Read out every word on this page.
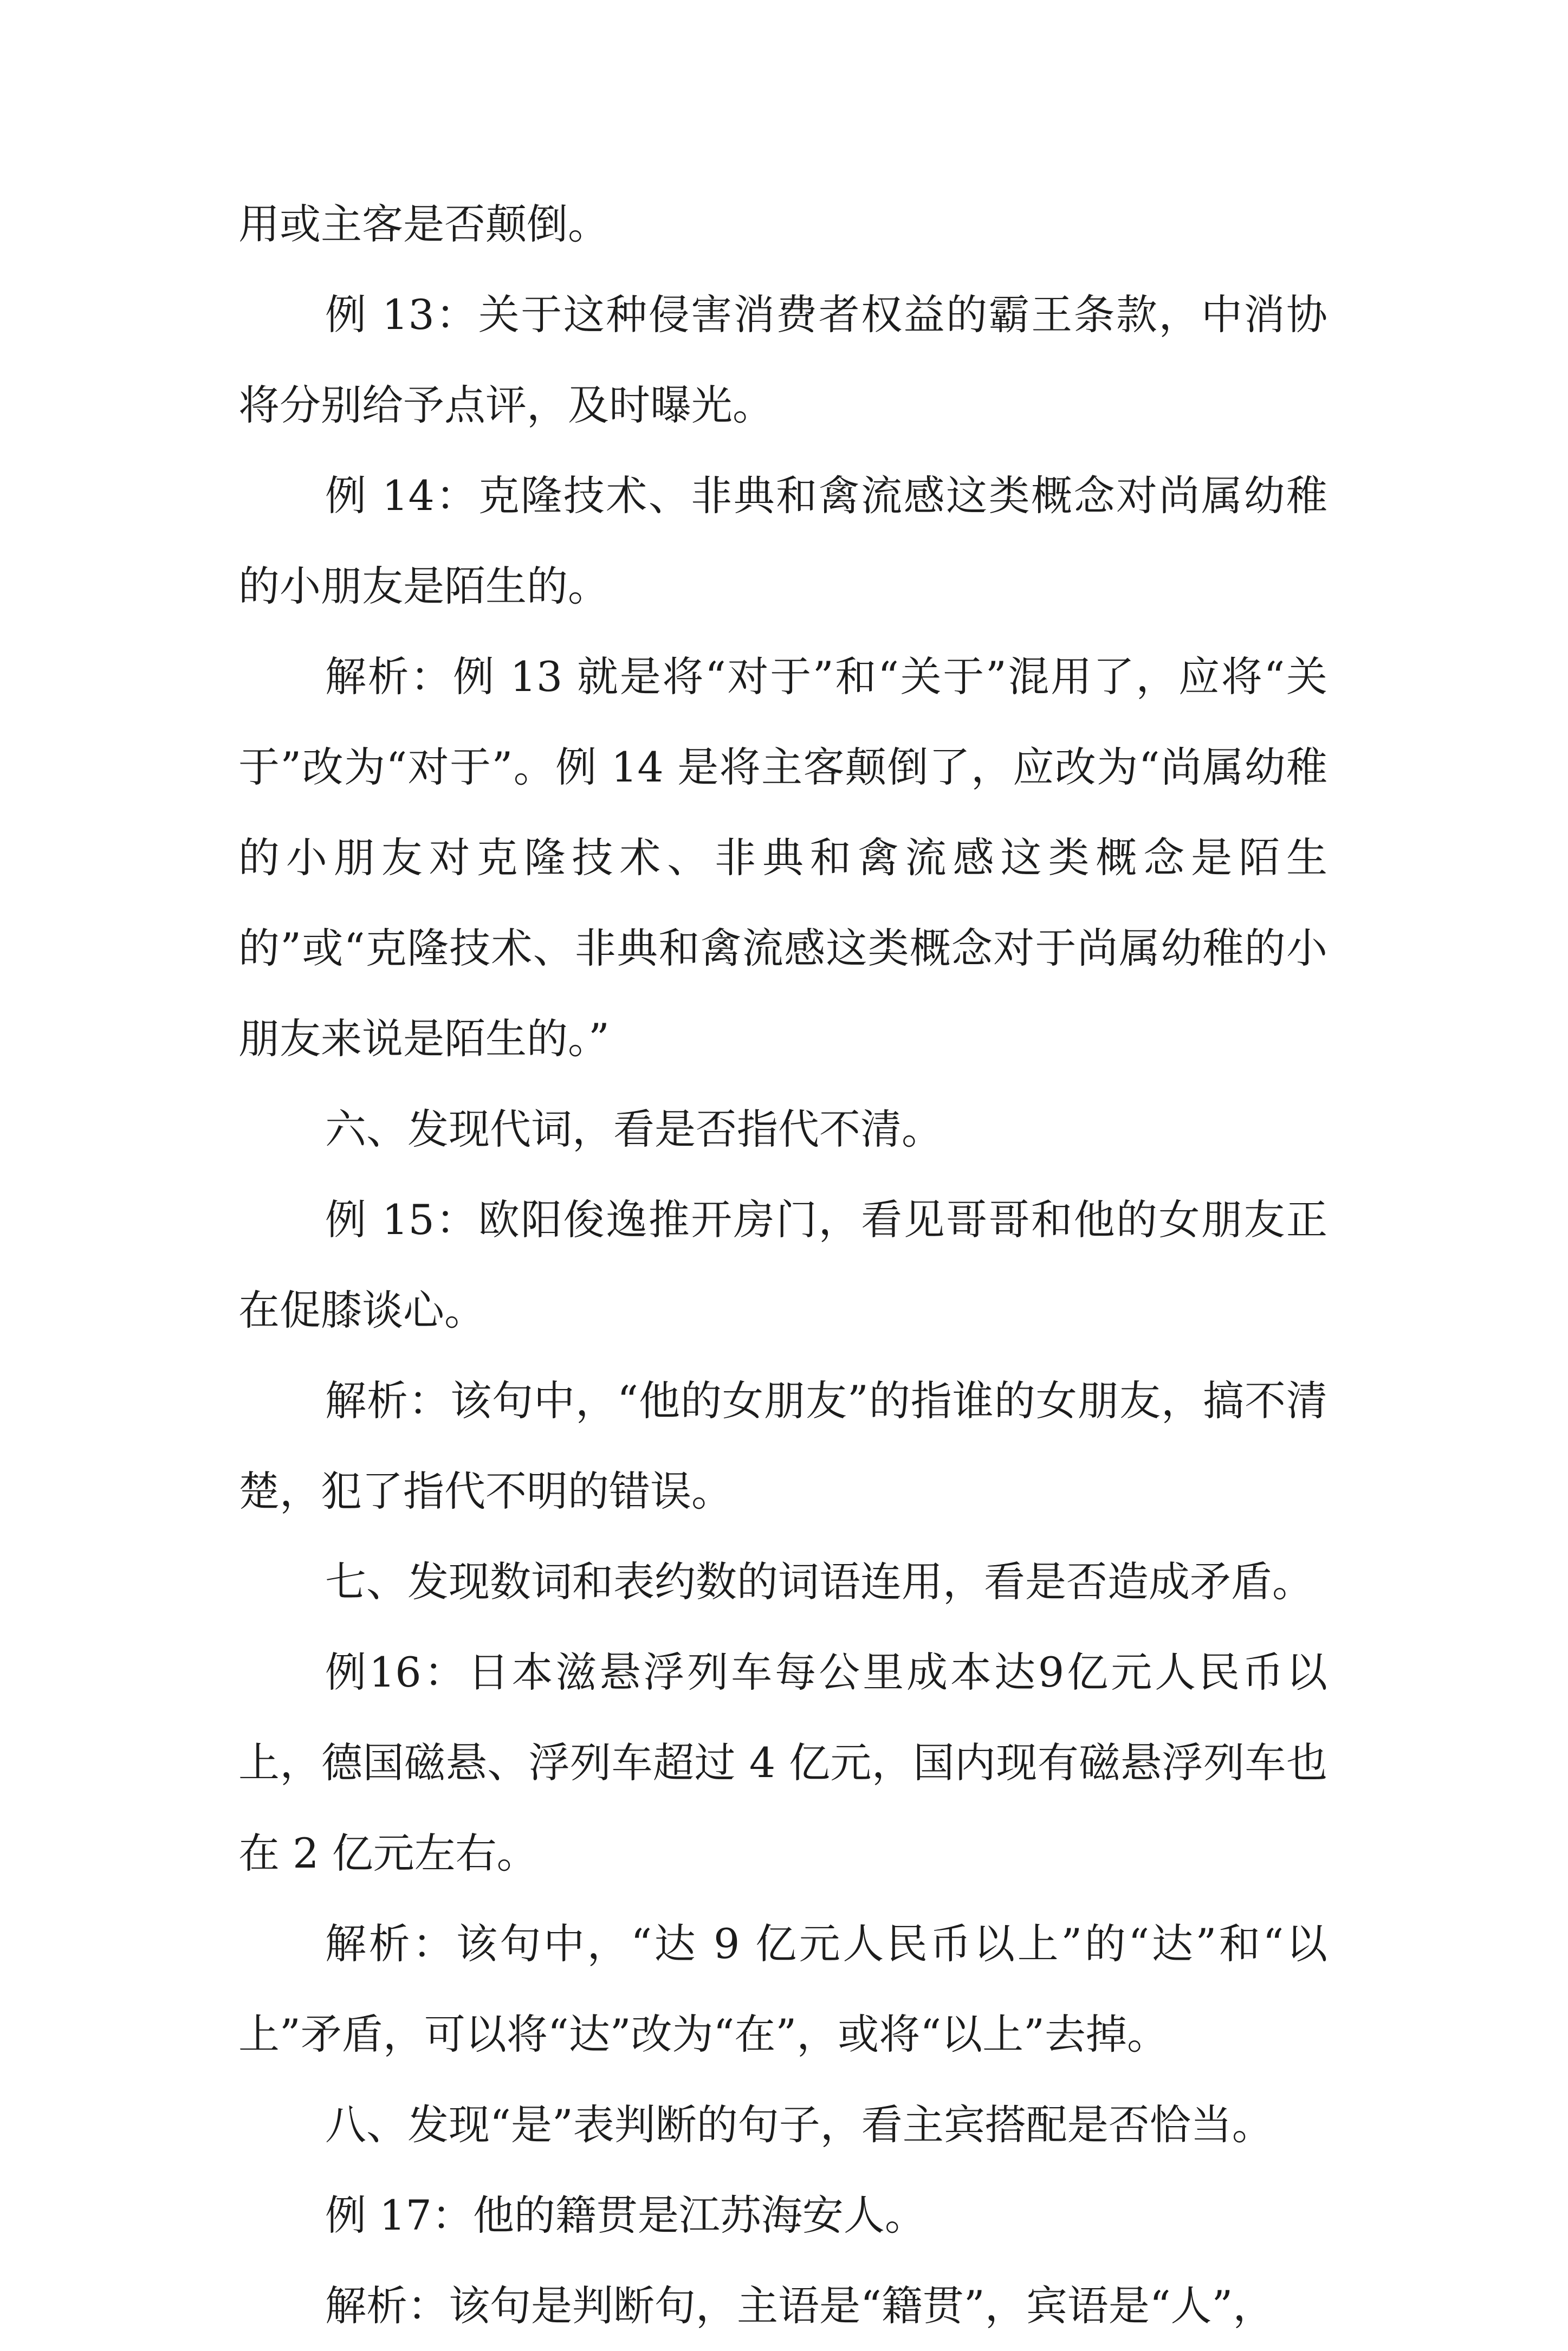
用或主客是否颠倒。

例 13：关于这种侵害消费者权益的霸王条款，中消协将分别给予点评，及时曝光。

例 14：克隆技术、非典和禽流感这类概念对尚属幼稚的小朋友是陌生的。

解析：例 13 就是将“对于”和“关于”混用了，应将“关于”改为“对于”。例 14 是将主客颠倒了，应改为“尚属幼稚的小朋友对克隆技术、非典和禽流感这类概念是陌生的”或“克隆技术、非典和禽流感这类概念对于尚属幼稚的小朋友来说是陌生的。”

六、发现代词，看是否指代不清。

例 15：欧阳俊逸推开房门，看见哥哥和他的女朋友正在促膝谈心。

解析：该句中，“他的女朋友”的指谁的女朋友，搞不清楚，犯了指代不明的错误。

七、发现数词和表约数的词语连用，看是否造成矛盾。

例16：日本滋悬浮列车每公里成本达9亿元人民币以上，德国磁悬、浮列车超过 4 亿元，国内现有磁悬浮列车也在 2 亿元左右。

解析：该句中，“达 9 亿元人民币以上”的“达”和“以上”矛盾，可以将“达”改为“在”，或将“以上”去掉。

八、发现“是”表判断的句子，看主宾搭配是否恰当。

例 17：他的籍贯是江苏海安人。

解析：该句是判断句，主语是“籍贯”，宾语是“人”，
